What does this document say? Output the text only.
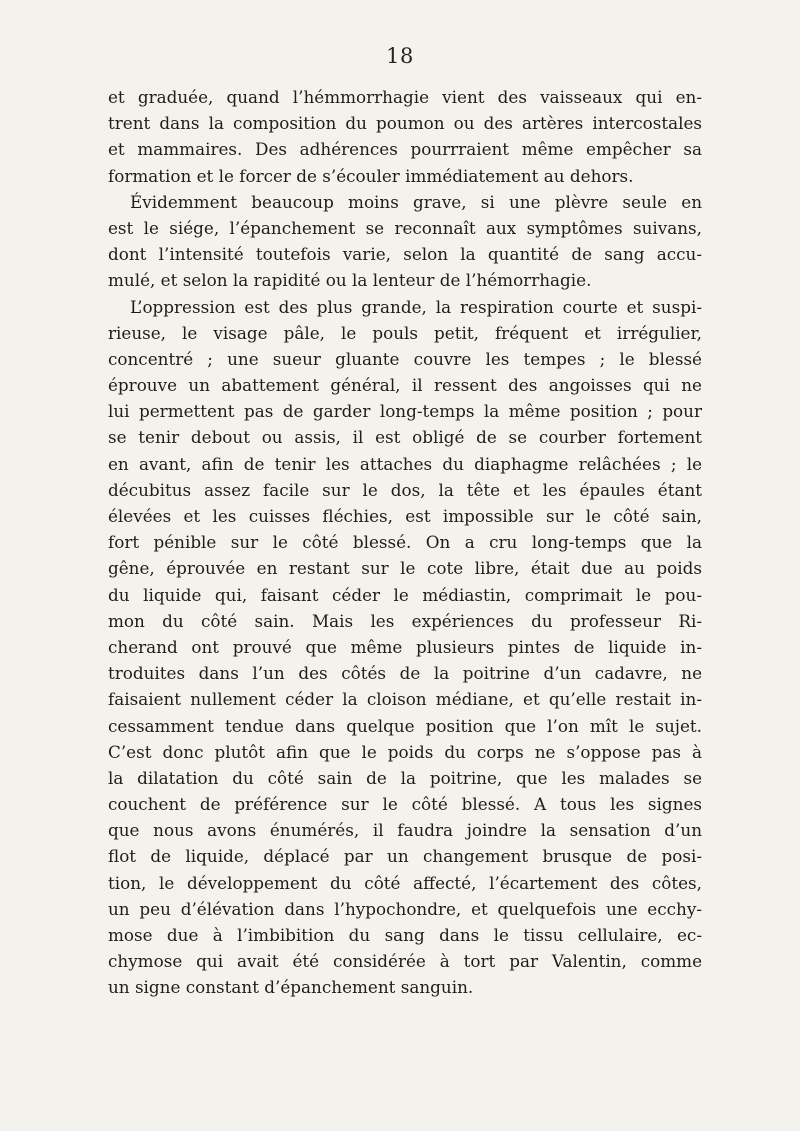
18
et graduée, quand l’hémmorrhagie vient des vaisseaux qui en-
trent dans la composition du poumon ou des artères intercostales
et mammaires. Des adhérences pourrraient même empêcher sa
formation et le forcer de s’écouler immédiatement au dehors.
Évidemment beaucoup moins grave, si une plèvre seule en
est le siége, l’épanchement se reconnaît aux symptômes suivans,
dont l’intensité toutefois varie, selon la quantité de sang accu-
mulé, et selon la rapidité ou la lenteur de l’hémorrhagie.
L’oppression est des plus grande, la respiration courte et suspi-
rieuse, le visage pâle, le pouls petit, fréquent et irrégulier,
concentré ; une sueur gluante couvre les tempes ; le blessé
éprouve un abattement général, il ressent des angoisses qui ne
lui permettent pas de garder long-temps la même position ; pour
se tenir debout ou assis, il est obligé de se courber fortement
en avant, afin de tenir les attaches du diaphagme relâchées ; le
décubitus assez facile sur le dos, la tête et les épaules étant
élevées et les cuisses fléchies, est impossible sur le côté sain,
fort pénible sur le côté blessé. On a cru long-temps que la
gêne, éprouvée en restant sur le cote libre, était due au poids
du liquide qui, faisant céder le médiastin, comprimait le pou-
mon du côté sain. Mais les expériences du professeur Ri-
cherand ont prouvé que même plusieurs pintes de liquide in-
troduites dans l’un des côtés de la poitrine d’un cadavre, ne
faisaient nullement céder la cloison médiane, et qu’elle restait in-
cessamment tendue dans quelque position que l’on mît le sujet.
C’est donc plutôt afin que le poids du corps ne s’oppose pas à
la dilatation du côté sain de la poitrine, que les malades se
couchent de préférence sur le côté blessé. A tous les signes
que nous avons énumérés, il faudra joindre la sensation d’un
flot de liquide, déplacé par un changement brusque de posi-
tion, le développement du côté affecté, l’écartement des côtes,
un peu d’élévation dans l’hypochondre, et quelquefois une ecchy-
mose due à l’imbibition du sang dans le tissu cellulaire, ec-
chymose qui avait été considérée à tort par Valentin, comme
un signe constant d’épanchement sanguin.
